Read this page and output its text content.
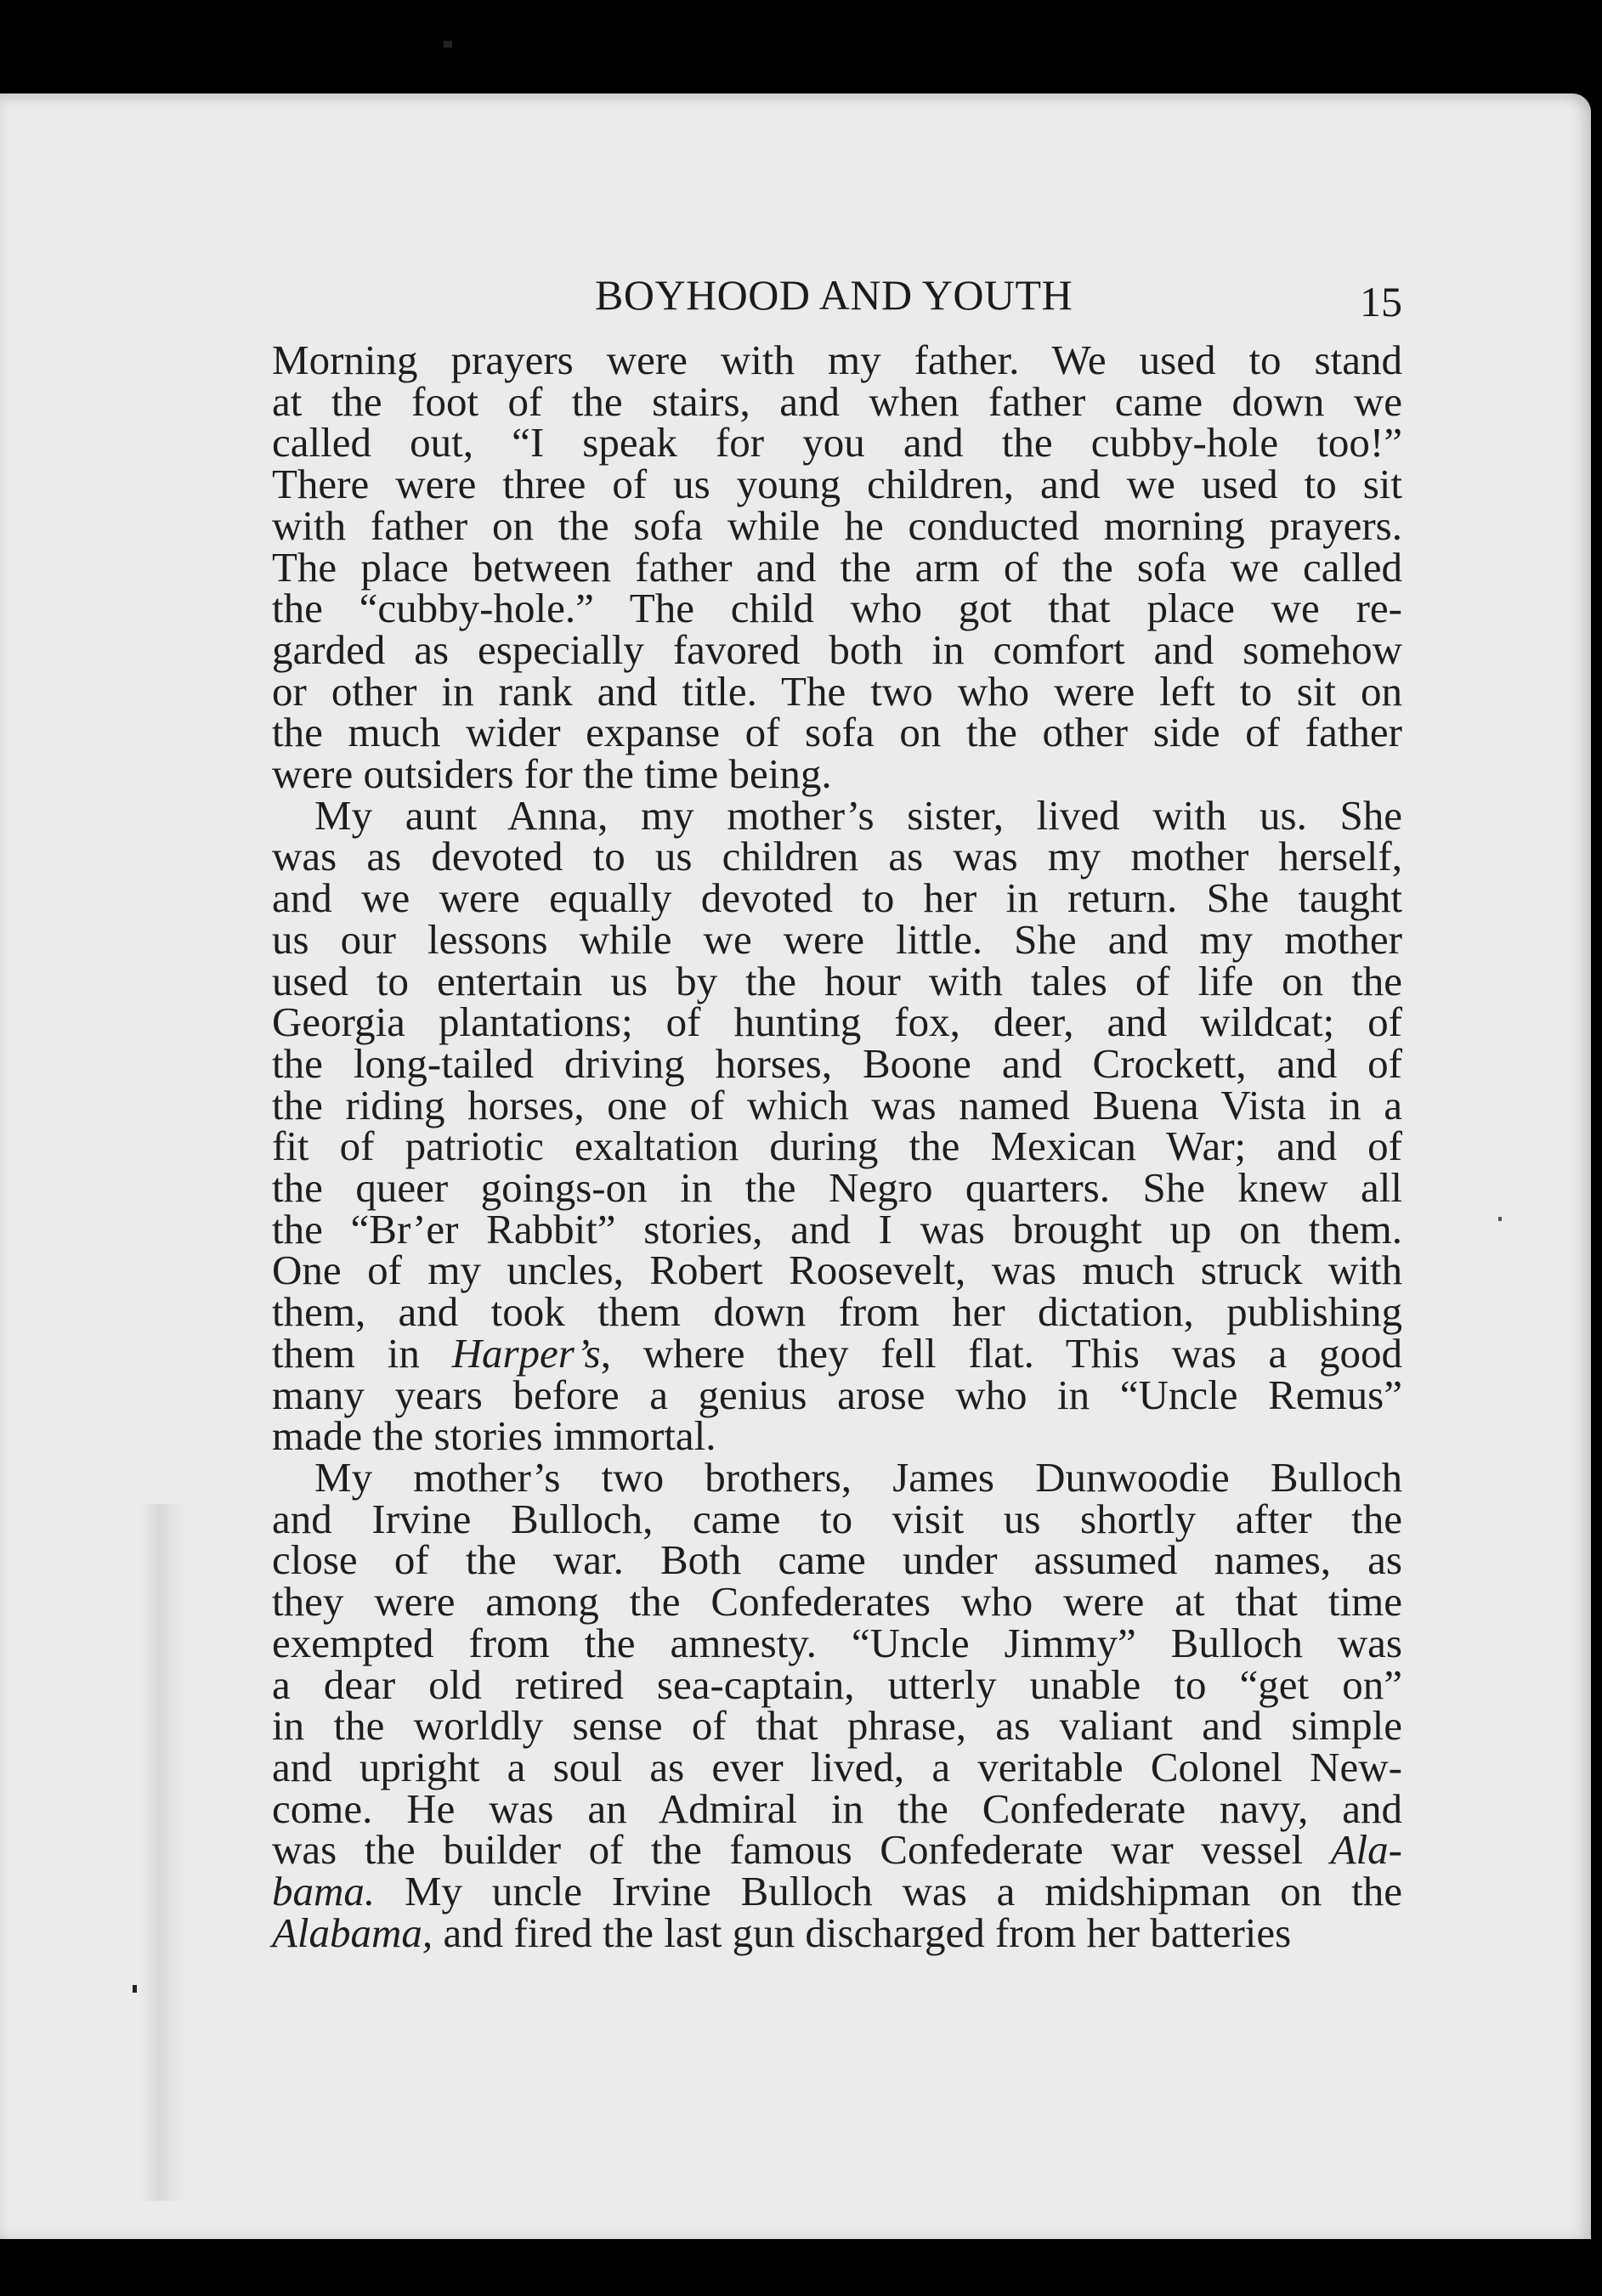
BOYHOOD AND YOUTH	15

Morning prayers were with my father. We used to stand
at the foot of the stairs, and when father came down we
called out, “I speak for you and the cubby-hole too!”
There were three of us young children, and we used to sit
with father on the sofa while he conducted morning prayers.
The place between father and the arm of the sofa we called
the “cubby-hole.” The child who got that place we re-
garded as especially favored both in comfort and somehow
or other in rank and title. The two who were left to sit on
the much wider expanse of sofa on the other side of father
were outsiders for the time being.

My aunt Anna, my mother’s sister, lived with us. She
was as devoted to us children as was my mother herself,
and we were equally devoted to her in return. She taught
us our lessons while we were little. She and my mother
used to entertain us by the hour with tales of life on the
Georgia plantations; of hunting fox, deer, and wildcat; of
the long-tailed driving horses, Boone and Crockett, and of
the riding horses, one of which was named Buena Vista in a
fit of patriotic exaltation during the Mexican War; and of
the queer goings-on in the Negro quarters. She knew all
the “Br’er Rabbit” stories, and I was brought up on them.
One of my uncles, Robert Roosevelt, was much struck with
them, and took them down from her dictation, publishing
them in Harper’s, where they fell flat. This was a good
many years before a genius arose who in “Uncle Remus”
made the stories immortal.

My mother’s two brothers, James Dunwoodie Bulloch
and Irvine Bulloch, came to visit us shortly after the
close of the war. Both came under assumed names, as
they were among the Confederates who were at that time
exempted from the amnesty. “Uncle Jimmy” Bulloch was
a dear old retired sea-captain, utterly unable to “get on”
in the worldly sense of that phrase, as valiant and simple
and upright a soul as ever lived, a veritable Colonel New-
come. He was an Admiral in the Confederate navy, and
was the builder of the famous Confederate war vessel Ala-
bama. My uncle Irvine Bulloch was a midshipman on the
Alabama, and fired the last gun discharged from her batteries
